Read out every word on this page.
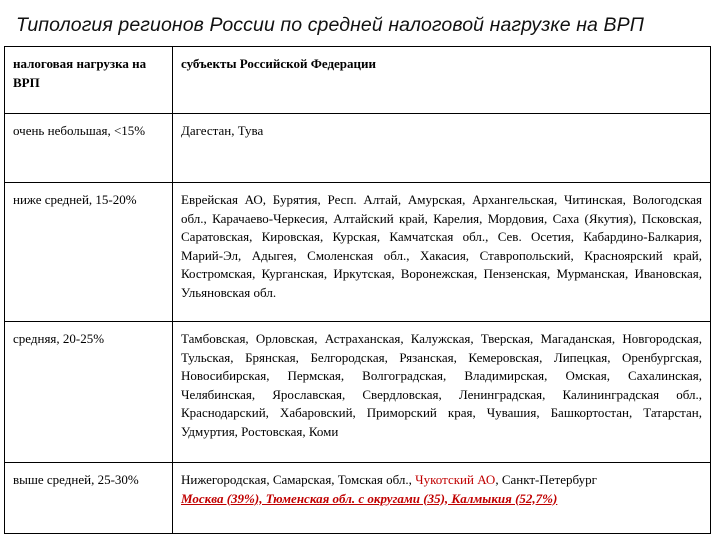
Типология регионов России по средней налоговой нагрузке на ВРП
налоговая нагрузка на ВРП	субъекты Российской Федерации

очень небольшая, <15%	Дагестан, Тува

ниже средней, 15-20%	Еврейская АО, Бурятия, Респ. Алтай, Амурская, Архангельская, Читинская, Вологодская обл., Карачаево-Черкесия, Алтайский край, Карелия, Мордовия, Саха (Якутия), Псковская, Саратовская, Кировская, Курская, Камчатская обл., Сев. Осетия, Кабардино-Балкария, Марий-Эл, Адыгея, Смоленская обл., Хакасия, Ставропольский, Красноярский край, Костромская, Курганская, Иркутская, Воронежская, Пензенская, Мурманская, Ивановская, Ульяновская обл.

средняя, 20-25%	Тамбовская, Орловская, Астраханская, Калужская, Тверская, Магаданская, Новгородская, Тульская, Брянская, Белгородская, Рязанская, Кемеровская, Липецкая, Оренбургская, Новосибирская, Пермская, Волгоградская, Владимирская, Омская, Сахалинская, Челябинская, Ярославская, Свердловская, Ленинградская, Калининградская обл., Краснодарский, Хабаровский, Приморский края, Чувашия, Башкортостан, Татарстан, Удмуртия, Ростовская, Коми

выше средней, 25-30%	Нижегородская, Самарская, Томская обл., Чукотский АО, Санкт-Петербург
Москва (39%), Тюменская обл. с округами (35), Калмыкия (52,7%)
